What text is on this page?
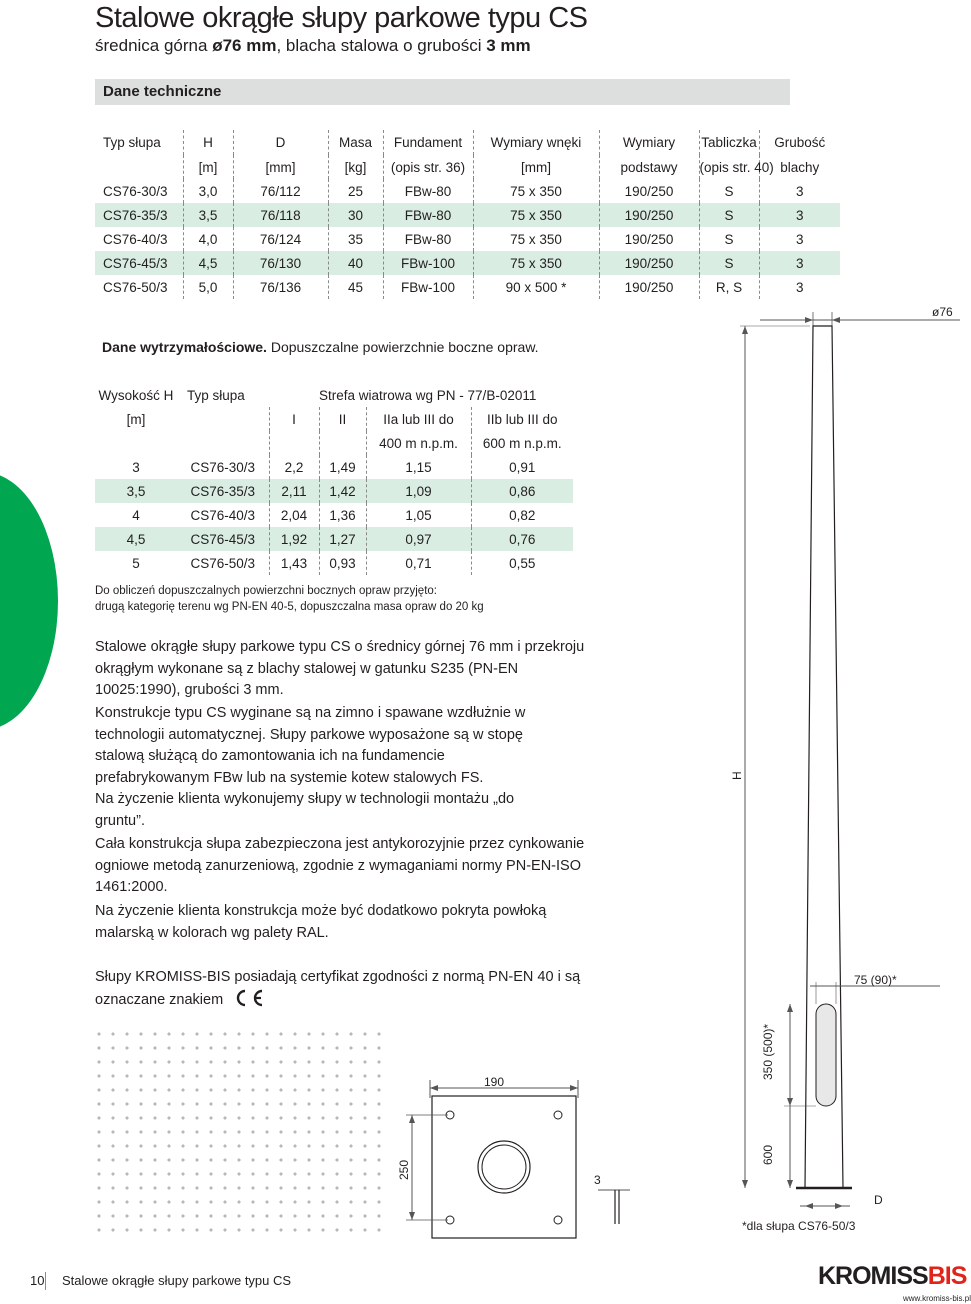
Stalowe okrągłe słupy parkowe typu CS
średnica górna ø76 mm, blacha stalowa o grubości 3 mm
Dane techniczne
Typ słupa	H	D	Masa	Fundament	Wymiary wnęki	Wymiary	Tabliczka	Grubość
	[m]	[mm]	[kg]	(opis str. 36)	[mm]	podstawy	(opis str. 40)	blachy
CS76-30/3	3,0	76/112	25	FBw-80	75 x 350	190/250	S	3
CS76-35/3	3,5	76/118	30	FBw-80	75 x 350	190/250	S	3
CS76-40/3	4,0	76/124	35	FBw-80	75 x 350	190/250	S	3
CS76-45/3	4,5	76/130	40	FBw-100	75 x 350	190/250	S	3
CS76-50/3	5,0	76/136	45	FBw-100	90 x 500 *	190/250	R, S	3
Dane wytrzymałościowe. Dopuszczalne powierzchnie boczne opraw.
Wysokość H	Typ słupa		Strefa wiatrowa wg PN - 77/B-02011		
[m]		I	II	IIa lub III do	IIb lub III do
				400 m n.p.m.	600 m n.p.m.
3	CS76-30/3	2,2	1,49	1,15	0,91
3,5	CS76-35/3	2,11	1,42	1,09	0,86
4	CS76-40/3	2,04	1,36	1,05	0,82
4,5	CS76-45/3	1,92	1,27	0,97	0,76
5	CS76-50/3	1,43	0,93	0,71	0,55
Do obliczeń dopuszczalnych powierzchni bocznych opraw przyjęto:
drugą kategorię terenu wg PN-EN 40-5, dopuszczalna masa opraw do 20 kg

Stalowe okrągłe słupy parkowe typu CS o średnicy górnej 76 mm i przekroju okrągłym wykonane są z blachy stalowej w gatunku S235 (PN-EN 10025:1990), grubości 3 mm.

Konstrukcje typu CS wyginane są na zimno i spawane wzdłużnie w technologii automatycznej. Słupy parkowe wyposażone są w stopę stalową służącą do zamontowania ich na fundamencie prefabrykowanym FBw lub na systemie kotew stalowych FS.

Na życzenie klienta wykonujemy słupy w technologii montażu „do gruntu”.

Cała konstrukcja słupa zabezpieczona jest antykorozyjnie przez cynkowanie ogniowe metodą zanurzeniową, zgodnie z wymaganiami normy PN-EN-ISO 1461:2000.

Na życzenie klienta konstrukcja może być dodatkowo pokryta powłoką malarską w kolorach wg palety RAL.

Słupy KROMISS-BIS posiadają certyfikat zgodności z normą PN-EN 40 i są oznaczane znakiem

190
250
ø76
H
75 (90)*
350 (500)*
600
D
*dla słupa CS76-50/3
3
10 Stalowe okrągłe słupy parkowe typu CS	KROMISSBIS
www.kromiss-bis.pl
